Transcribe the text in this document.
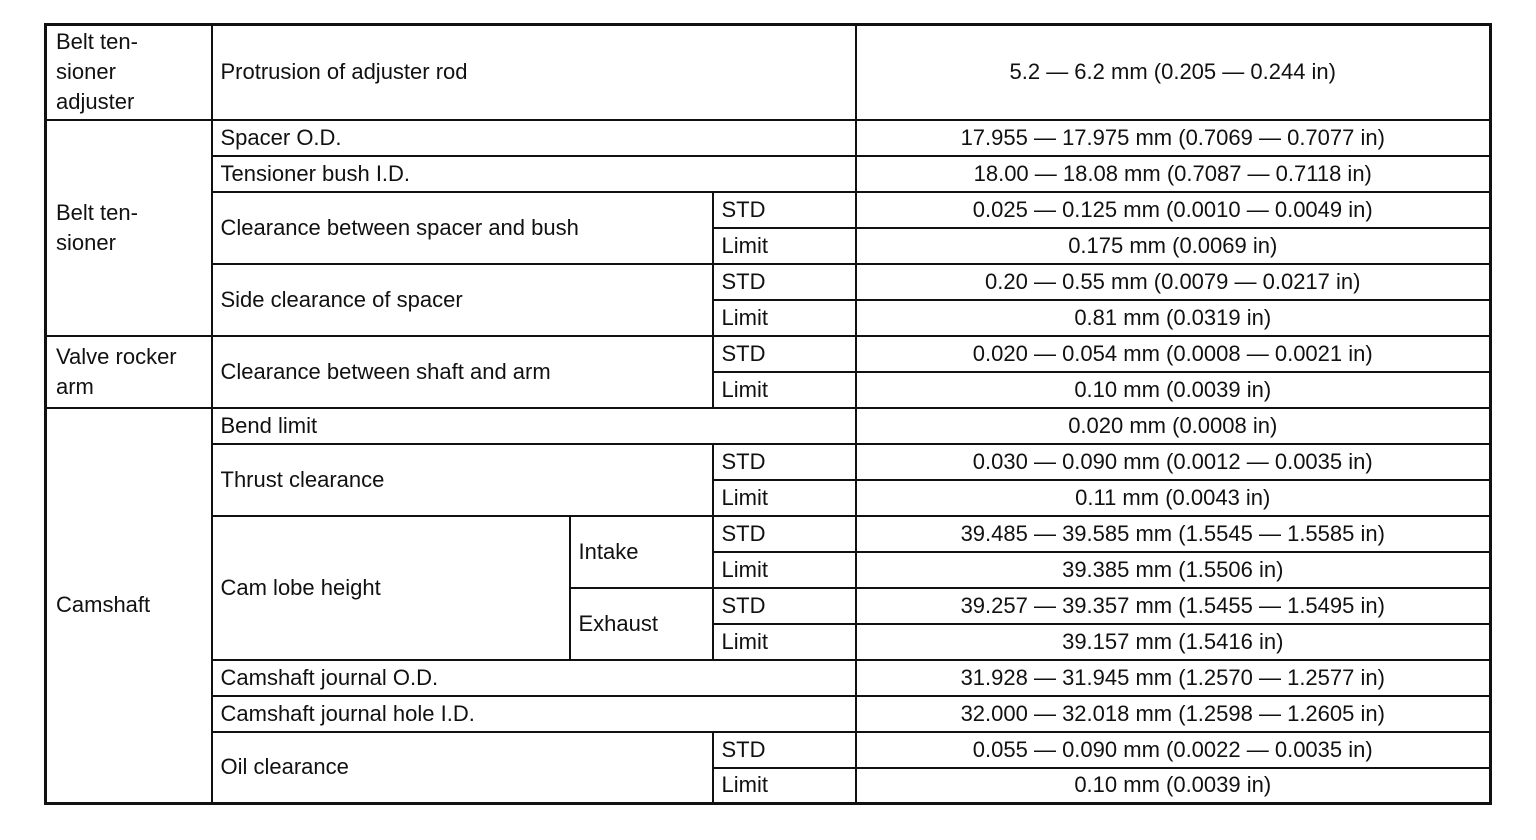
Belt ten-
sioner
adjuster	Protrusion of adjuster rod			5.2 — 6.2 mm (0.205 — 0.244 in)
Belt ten-
sioner	Spacer O.D.			17.955 — 17.975 mm (0.7069 — 0.7077 in)
	Tensioner bush I.D.			18.00 — 18.08 mm (0.7087 — 0.7118 in)
	Clearance between spacer and bush		STD	0.025 — 0.125 mm (0.0010 — 0.0049 in)
			Limit	0.175 mm (0.0069 in)
	Side clearance of spacer		STD	0.20 — 0.55 mm (0.0079 — 0.0217 in)
			Limit	0.81 mm (0.0319 in)
Valve rocker
arm	Clearance between shaft and arm		STD	0.020 — 0.054 mm (0.0008 — 0.0021 in)
			Limit	0.10 mm (0.0039 in)
Camshaft	Bend limit			0.020 mm (0.0008 in)
	Thrust clearance		STD	0.030 — 0.090 mm (0.0012 — 0.0035 in)
			Limit	0.11 mm (0.0043 in)
	Cam lobe height	Intake	STD	39.485 — 39.585 mm (1.5545 — 1.5585 in)
			Limit	39.385 mm (1.5506 in)
		Exhaust	STD	39.257 — 39.357 mm (1.5455 — 1.5495 in)
			Limit	39.157 mm (1.5416 in)
	Camshaft journal O.D.			31.928 — 31.945 mm (1.2570 — 1.2577 in)
	Camshaft journal hole I.D.			32.000 — 32.018 mm (1.2598 — 1.2605 in)
	Oil clearance		STD	0.055 — 0.090 mm (0.0022 — 0.0035 in)
			Limit	0.10 mm (0.0039 in)
